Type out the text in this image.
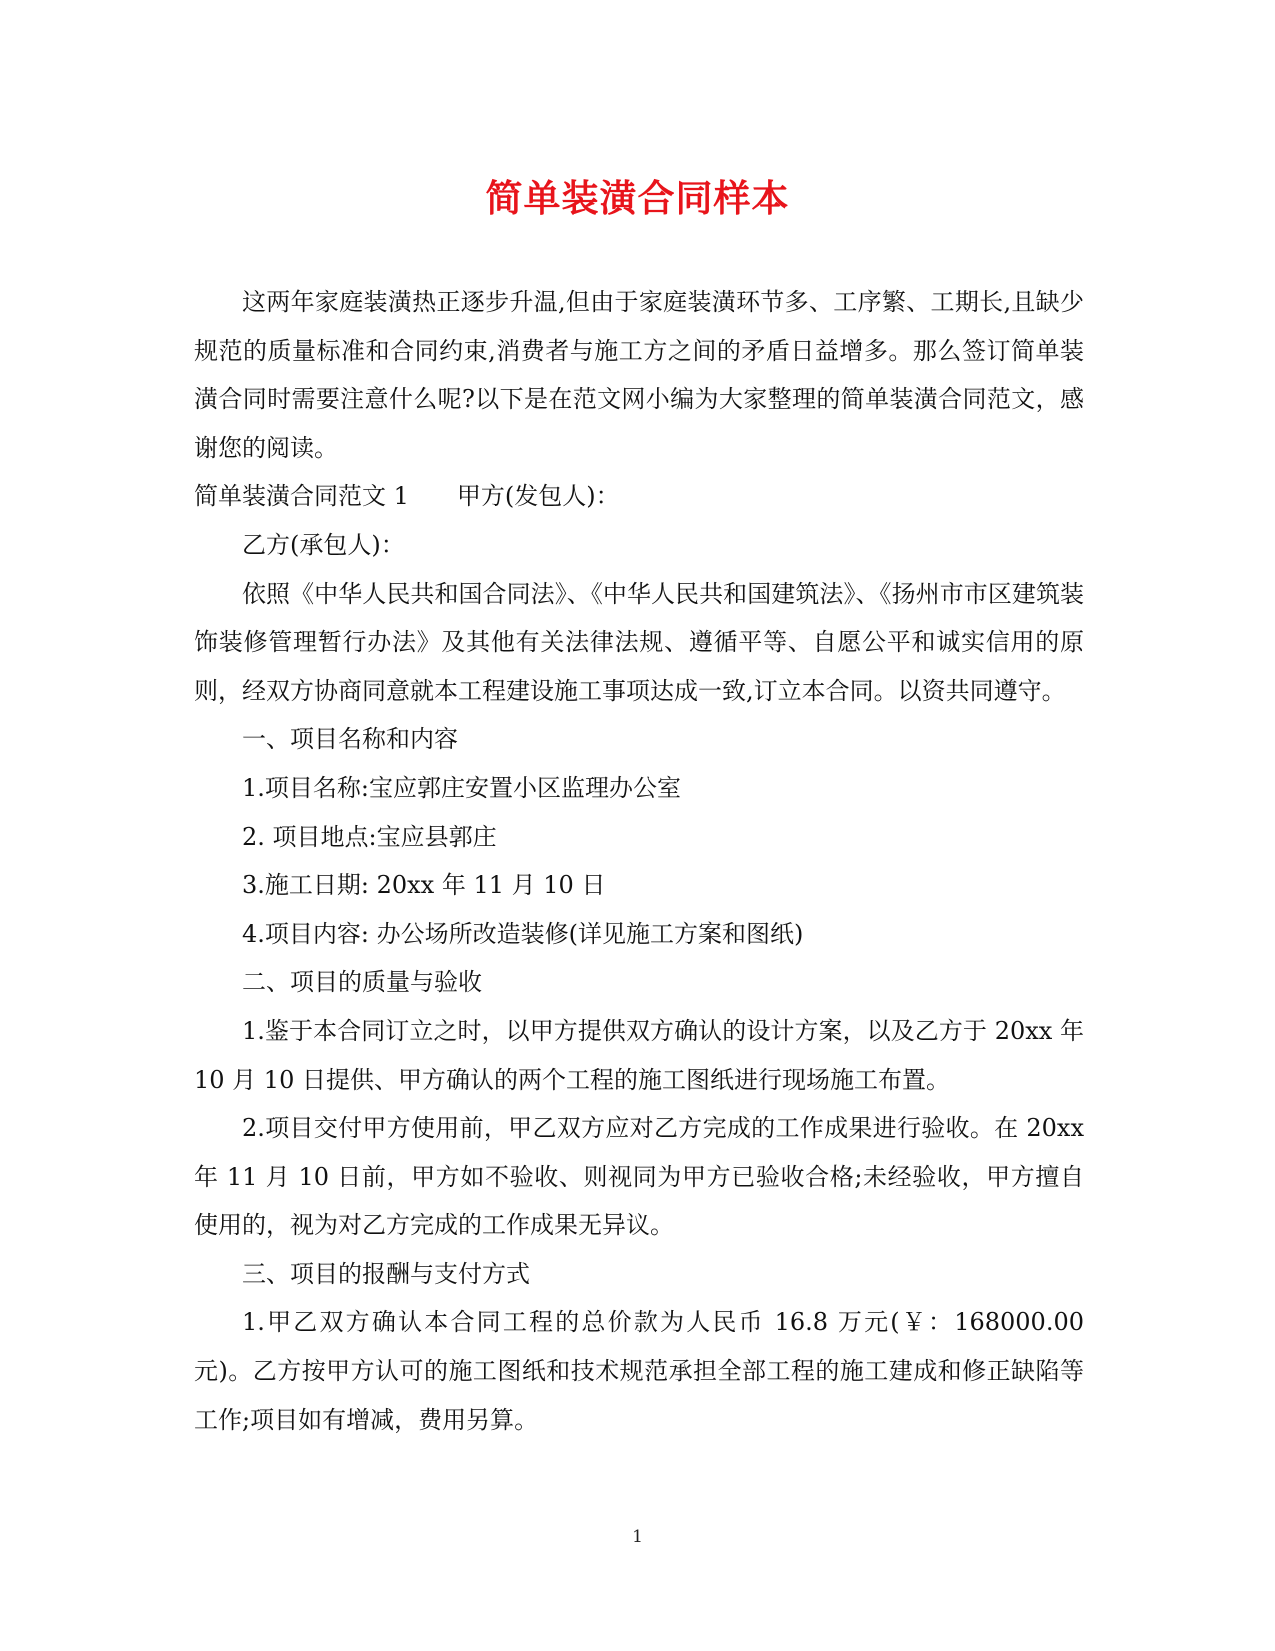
简单装潢合同样本

这两年家庭装潢热正逐步升温,但由于家庭装潢环节多、工序繁、工期长,且缺少规范的质量标准和合同约束,消费者与施工方之间的矛盾日益增多。那么签订简单装潢合同时需要注意什么呢?以下是在范文网小编为大家整理的简单装潢合同范文，感谢您的阅读。

简单装潢合同范文 1 甲方(发包人)：

乙方(承包人)：

依照《中华人民共和国合同法》、《中华人民共和国建筑法》、《扬州市市区建筑装饰装修管理暂行办法》及其他有关法律法规、遵循平等、自愿公平和诚实信用的原则，经双方协商同意就本工程建设施工事项达成一致,订立本合同。以资共同遵守。

一、项目名称和内容

1.项目名称:宝应郭庄安置小区监理办公室

2. 项目地点:宝应县郭庄

3.施工日期: 20xx 年 11 月 10 日

4.项目内容: 办公场所改造装修(详见施工方案和图纸)

二、项目的质量与验收

1.鉴于本合同订立之时，以甲方提供双方确认的设计方案，以及乙方于 20xx 年 10 月 10 日提供、甲方确认的两个工程的施工图纸进行现场施工布置。

2.项目交付甲方使用前，甲乙双方应对乙方完成的工作成果进行验收。在 20xx 年 11 月 10 日前，甲方如不验收、则视同为甲方已验收合格;未经验收，甲方擅自使用的，视为对乙方完成的工作成果无异议。

三、项目的报酬与支付方式

1.甲乙双方确认本合同工程的总价款为人民币 16.8 万元(￥：168000.00 元)。乙方按甲方认可的施工图纸和技术规范承担全部工程的施工建成和修正缺陷等工作;项目如有增减，费用另算。

1
